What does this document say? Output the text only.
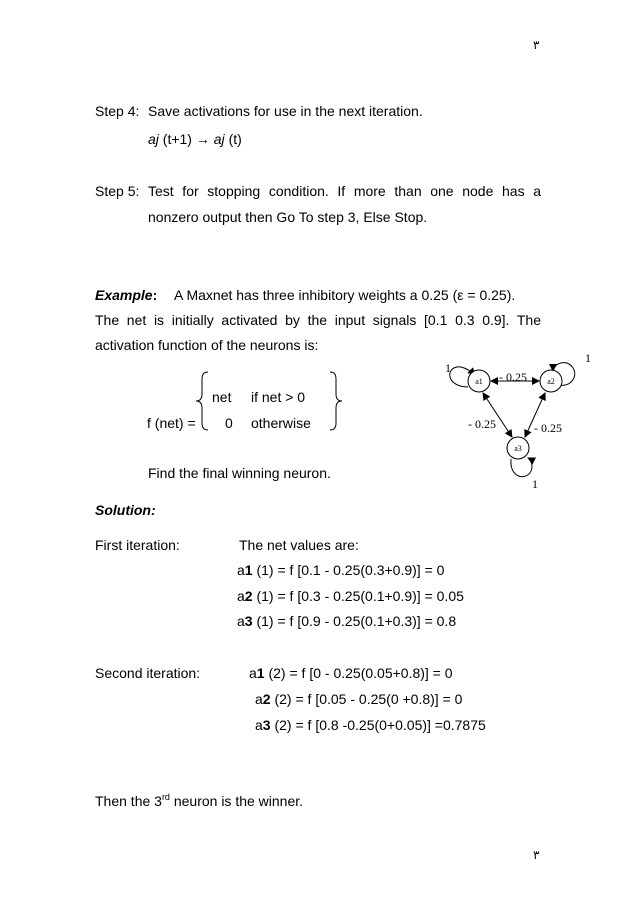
٣
Step 4: Save activations for use in the next iteration.
aj (t+1) → aj (t)
Step 5: Test for stopping condition. If more than one node has a
nonzero output then Go To step 3, Else Stop.
Example: A Maxnet has three inhibitory weights a 0.25 (ε = 0.25).
The net is initially activated by the input signals [0.1 0.3 0.9]. The
activation function of the neurons is:
net if net > 0
f (net) = 0 otherwise
Find the final winning neuron.
a1	a2
a3
1
1
1
- 0.25
- 0.25	- 0.25
Solution:
First iteration:	The net values are:
a1 (1) = f [0.1 - 0.25(0.3+0.9)] = 0
a2 (1) = f [0.3 - 0.25(0.1+0.9)] = 0.05
a3 (1) = f [0.9 - 0.25(0.1+0.3)] = 0.8
Second iteration:	a1 (2) = f [0 - 0.25(0.05+0.8)] = 0
a2 (2) = f [0.05 - 0.25(0 +0.8)] = 0
a3 (2) = f [0.8 -0.25(0+0.05)] =0.7875
Then the 3rd neuron is the winner.
٣
